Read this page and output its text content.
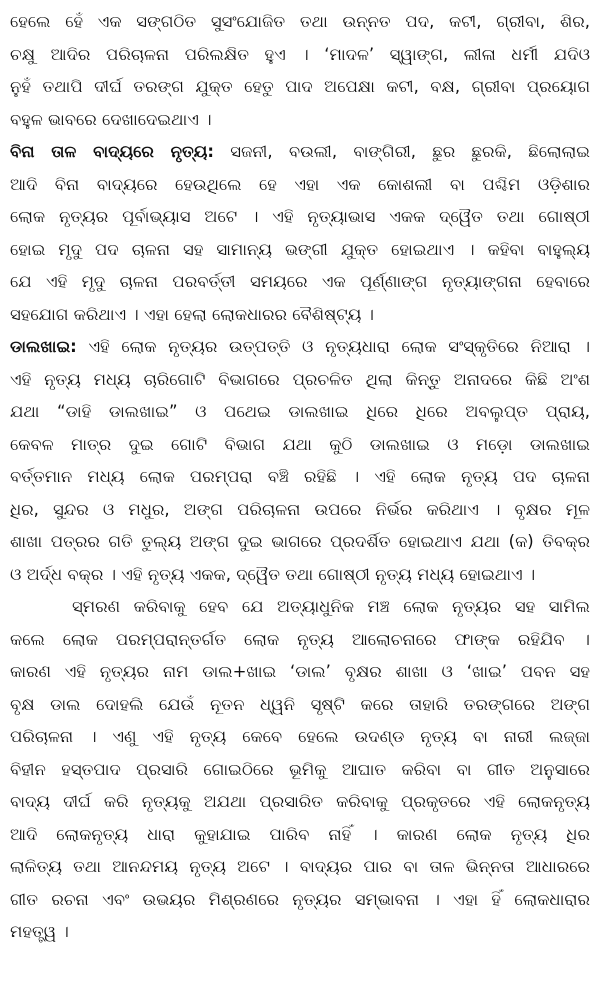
ହେଲେ ହେଁ ଏକ ସଙ୍ଗଠିତ ସୁସଂଯୋଜିତ ତଥା ଉନ୍ନତ ପଦ, କଟୀ, ଗ୍ରୀବା, ଶିର,
ଚକ୍ଷୁ ଆଦିର ପରିଚାଳନା ପରିଲକ୍ଷିତ ହୁଏ । ‘ମାଦଳ’ ସ୍ୱାଙ୍ଗ, ଲୀଳା ଧର୍ମୀ ଯଦିଓ
ନୁହଁ ତଥାପି ଦୀର୍ଘ ତରଙ୍ଗ ଯୁକ୍ତ ହେତୁ ପାଦ ଅପେକ୍ଷା କଟୀ, ବକ୍ଷ, ଗ୍ରୀବା ପ୍ରୟୋଗ
ବହୁଳ ଭାବରେ ଦେଖାଦେଇଥାଏ ।
ବିନା ତାଳ ବାଦ୍ୟରେ ନୃତ୍ୟ: ସଜନୀ, ବଉଲୀ, ବାଙ୍ଗିରୀ, ଛୁର ଛୁରକି, ଛିଲୋଲାଇ
ଆଦି ବିନା ବାଦ୍ୟରେ ହେଉଥିଲେ ହେ ଏହା ଏକ କୋଶଲୀ ବା ପଶ୍ଚିମ ଓଡ଼ିଶାର
ଲୋକ ନୃତ୍ୟର ପୂର୍ବାଭ୍ୟାସ ଅଟେ । ଏହି ନୃତ୍ୟାଭାସ ଏକକ ଦ୍ୱୈତ ତଥା ଗୋଷ୍ଠୀ
ହୋଇ ମୃଦୁ ପଦ ଚାଳନା ସହ ସାମାନ୍ୟ ଭଙ୍ଗୀ ଯୁକ୍ତ ହୋଇଥାଏ । କହିବା ବାହୁଲ୍ୟ
ଯେ ଏହି ମୃଦୁ ଚାଳନା ପରବର୍ତ୍ତୀ ସମୟରେ ଏକ ପୂର୍ଣ୍ଣାଙ୍ଗ ନୃତ୍ୟାଙ୍ଗନା ହେବାରେ
ସହଯୋଗ କରିଥାଏ । ଏହା ହେଲା ଲୋକଧାରର ବୈଶିଷ୍ଟ୍ୟ ।
ଡାଲଖାଇ: ଏହି ଲୋକ ନୃତ୍ୟର ଉତ୍ପତ୍ତି ଓ ନୃତ୍ୟଧାରା ଲୋକ ସଂସ୍କୃତିରେ ନିଆରା ।
ଏହି ନୃତ୍ୟ ମଧ୍ୟ ଚାରିଗୋଟି ବିଭାଗରେ ପ୍ରଚଳିତ ଥିଲା କିନ୍ତୁ ଅନାଦରେ କିଛି ଅଂଶ
ଯଥା “ଡାହି ଡାଲଖାଇ” ଓ ପଥେଇ ଡାଲଖାଇ ଧିରେ ଧିରେ ଅବଲୁପ୍ତ ପ୍ରାୟ,
କେବଳ ମାତ୍ର ଦୁଇ ଗୋଟି ବିଭାଗ ଯଥା କୁଠି ଡାଲଖାଇ ଓ ମଡ଼ୋ ଡାଲଖାଇ
ବର୍ତ୍ତମାନ ମଧ୍ୟ ଲୋକ ପରମ୍ପରା ବଞ୍ଚି ରହିଛି । ଏହି ଲୋକ ନୃତ୍ୟ ପଦ ଚାଳନା
ଧିର, ସୁନ୍ଦର ଓ ମଧୁର, ଅଙ୍ଗ ପରିଚାଳନା ଉପରେ ନିର୍ଭର କରିଥାଏ । ବୃକ୍ଷର ମୂଳ
ଶାଖା ପତ୍ରର ଗତି ତୁଲ୍ୟ ଅଙ୍ଗ ଦୁଇ ଭାଗରେ ପ୍ରଦର୍ଶିତ ହୋଇଥାଏ ଯଥା (କ) ତିବକ୍ର
ଓ ଅର୍ଦ୍ଧ ବକ୍ର । ଏହି ନୃତ୍ୟ ଏକକ, ଦ୍ୱୈତ ତଥା ଗୋଷ୍ଠୀ ନୃତ୍ୟ ମଧ୍ୟ ହୋଇଥାଏ ।
ସ୍ମରଣ କରିବାକୁ ହେବ ଯେ ଅତ୍ୟାଧୁନିକ ମଞ୍ଚ ଲୋକ ନୃତ୍ୟର ସହ ସାମିଲ
କଲେ ଲୋକ ପରମ୍ପରାନ୍ତର୍ଗତ ଲୋକ ନୃତ୍ୟ ଆଲୋଚନାରେ ଫାଙ୍କ ରହିଯିବ ।
କାରଣ ଏହି ନୃତ୍ୟର ନାମ ଡାଲ+ଖାଇ ‘ଡାଲ’ ବୃକ୍ଷର ଶାଖା ଓ ‘ଖାଇ’ ପବନ ସହ
ବୃକ୍ଷ ଡାଲ ଦୋହଲି ଯେଉଁ ନୂତନ ଧ୍ୱନି ସୃଷ୍ଟି କରେ ତାହାରି ତରଙ୍ଗରେ ଅଙ୍ଗ
ପରିଚାଳନା । ଏଣୁ ଏହି ନୃତ୍ୟ କେବେ ହେଲେ ଉଦଣ୍ଡ ନୃତ୍ୟ ବା ନାରୀ ଲଜ୍ଜା
ବିହୀନ ହସ୍ତପାଦ ପ୍ରସାରି ଗୋଇଠିରେ ଭୂମିକୁ ଆଘାତ କରିବା ବା ଗୀତ ଅନୁସାରେ
ବାଦ୍ୟ ଦୀର୍ଘ କରି ନୃତ୍ୟକୁ ଅଯଥା ପ୍ରସାରିତ କରିବାକୁ ପ୍ରକୃତରେ ଏହି ଲୋକନୃତ୍ୟ
ଆଦି ଲୋକନୃତ୍ୟ ଧାରା କୁହାଯାଇ ପାରିବ ନାହିଁ । କାରଣ ଲୋକ ନୃତ୍ୟ ଧିର
ଲାଳିତ୍ୟ ତଥା ଆନନ୍ଦମୟ ନୃତ୍ୟ ଅଟେ । ବାଦ୍ୟର ପାର ବା ତାଳ ଭିନ୍ନତା ଆଧାରରେ
ଗୀତ ରଚନା ଏବଂ ଉଭୟର ମିଶ୍ରଣରେ ନୃତ୍ୟର ସମ୍ଭାବନା । ଏହା ହିଁ ଲୋକଧାରାର
ମହତ୍ତ୍ୱ ।
